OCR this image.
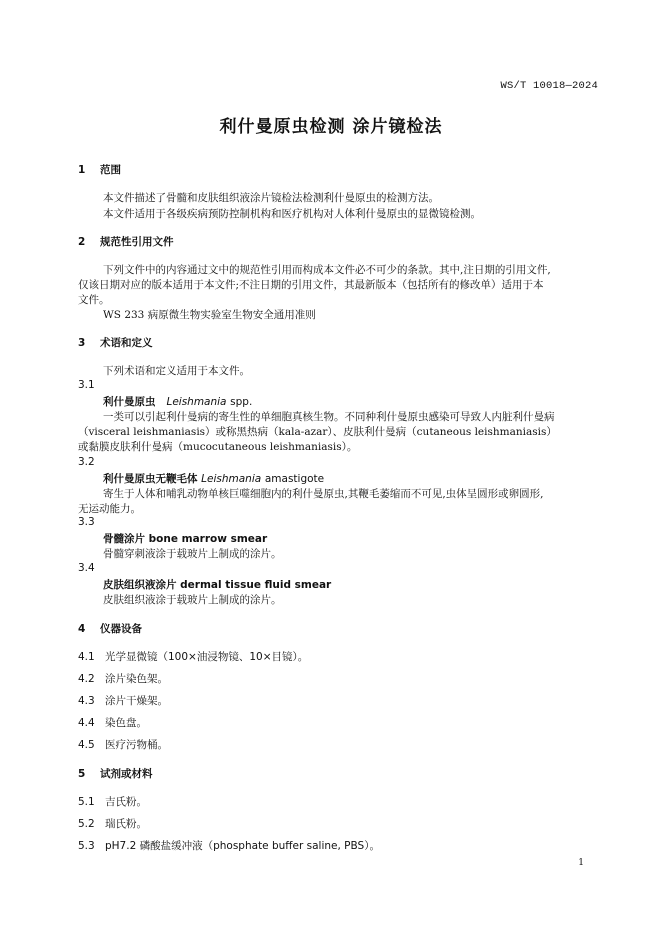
WS/T 10018—2024
利什曼原虫检测 涂片镜检法
1 范围
本文件描述了骨髓和皮肤组织液涂片镜检法检测利什曼原虫的检测方法。
本文件适用于各级疾病预防控制机构和医疗机构对人体利什曼原虫的显微镜检测。
2 规范性引用文件
下列文件中的内容通过文中的规范性引用而构成本文件必不可少的条款。其中,注日期的引用文件,
仅该日期对应的版本适用于本文件;不注日期的引用文件，其最新版本（包括所有的修改单）适用于本
文件。
WS 233 病原微生物实验室生物安全通用准则
3 术语和定义
下列术语和定义适用于本文件。
3.1
利什曼原虫 Leishmania spp.
一类可以引起利什曼病的寄生性的单细胞真核生物。不同种利什曼原虫感染可导致人内脏利什曼病
（visceral leishmaniasis）或称黑热病（kala-azar）、皮肤利什曼病（cutaneous leishmaniasis）
或黏膜皮肤利什曼病（mucocutaneous leishmaniasis）。
3.2
利什曼原虫无鞭毛体 Leishmania amastigote
寄生于人体和哺乳动物单核巨噬细胞内的利什曼原虫,其鞭毛萎缩而不可见,虫体呈圆形或卵圆形,
无运动能力。
3.3
骨髓涂片 bone marrow smear
骨髓穿刺液涂于载玻片上制成的涂片。
3.4
皮肤组织液涂片 dermal tissue fluid smear
皮肤组织液涂于载玻片上制成的涂片。
4 仪器设备
4.1 光学显微镜（100×油浸物镜、10×目镜）。
4.2 涂片染色架。
4.3 涂片干燥架。
4.4 染色盘。
4.5 医疗污物桶。
5 试剂或材料
5.1 吉氏粉。
5.2 瑞氏粉。
5.3 pH7.2 磷酸盐缓冲液（phosphate buffer saline, PBS）。
1
